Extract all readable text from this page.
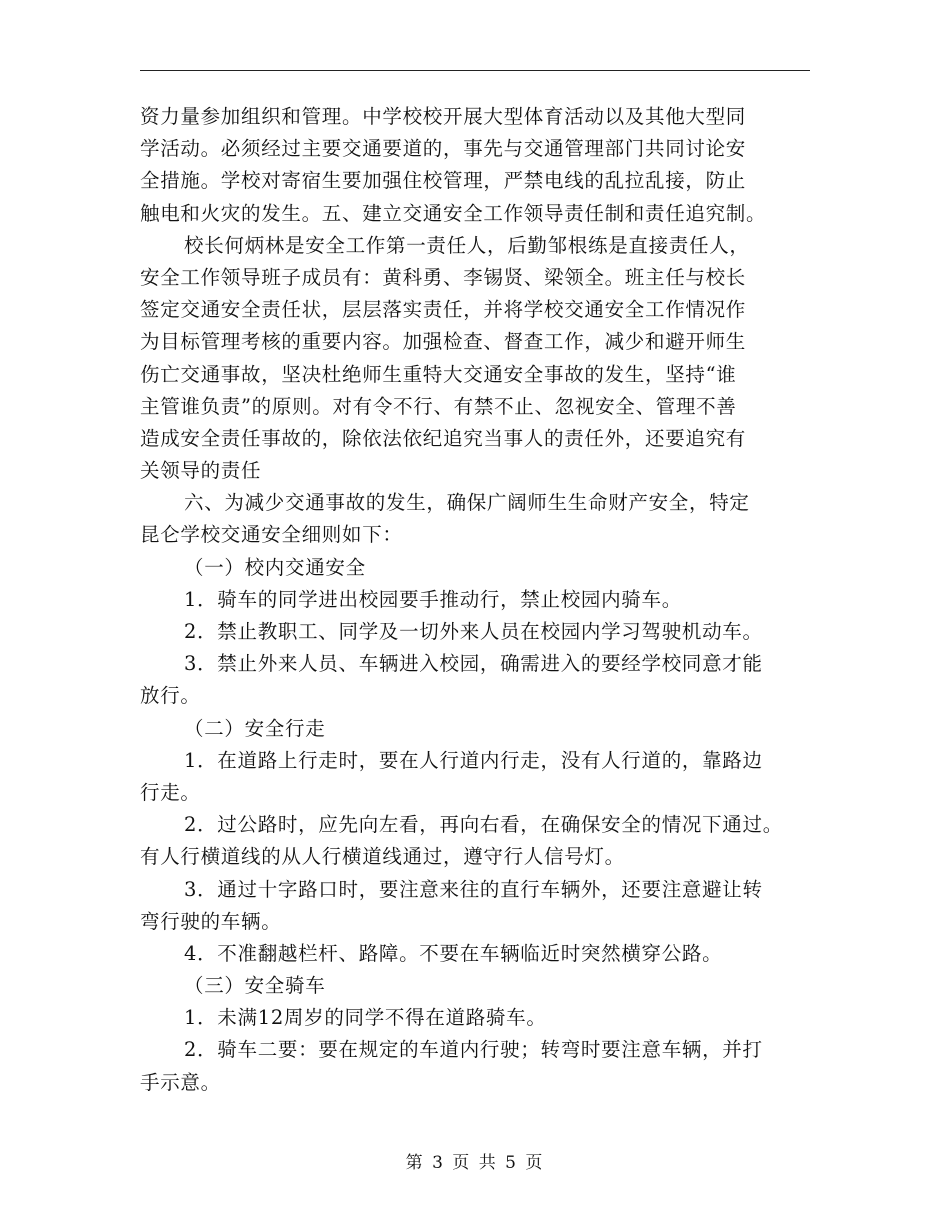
资力量参加组织和管理。中学校校开展大型体育活动以及其他大型同
学活动。必须经过主要交通要道的，事先与交通管理部门共同讨论安
全措施。学校对寄宿生要加强住校管理，严禁电线的乱拉乱接，防止
触电和火灾的发生。五、建立交通安全工作领导责任制和责任追究制。
校长何炳林是安全工作第一责任人，后勤邹根练是直接责任人，
安全工作领导班子成员有：黄科勇、李锡贤、梁领全。班主任与校长
签定交通安全责任状，层层落实责任，并将学校交通安全工作情况作
为目标管理考核的重要内容。加强检查、督查工作，减少和避开师生
伤亡交通事故，坚决杜绝师生重特大交通安全事故的发生，坚持“谁
主管谁负责”的原则。对有令不行、有禁不止、忽视安全、管理不善
造成安全责任事故的，除依法依纪追究当事人的责任外，还要追究有
关领导的责任
六、为减少交通事故的发生，确保广阔师生生命财产安全，特定
昆仑学校交通安全细则如下：
（一）校内交通安全
1．骑车的同学进出校园要手推动行，禁止校园内骑车。
2．禁止教职工、同学及一切外来人员在校园内学习驾驶机动车。
3．禁止外来人员、车辆进入校园，确需进入的要经学校同意才能
放行。
（二）安全行走
1．在道路上行走时，要在人行道内行走，没有人行道的，靠路边
行走。
2．过公路时，应先向左看，再向右看，在确保安全的情况下通过。
有人行横道线的从人行横道线通过，遵守行人信号灯。
3．通过十字路口时，要注意来往的直行车辆外，还要注意避让转
弯行驶的车辆。
4．不准翻越栏杆、路障。不要在车辆临近时突然横穿公路。
（三）安全骑车
1．未满12周岁的同学不得在道路骑车。
2．骑车二要：要在规定的车道内行驶；转弯时要注意车辆，并打
手示意。
第 3 页 共 5 页
